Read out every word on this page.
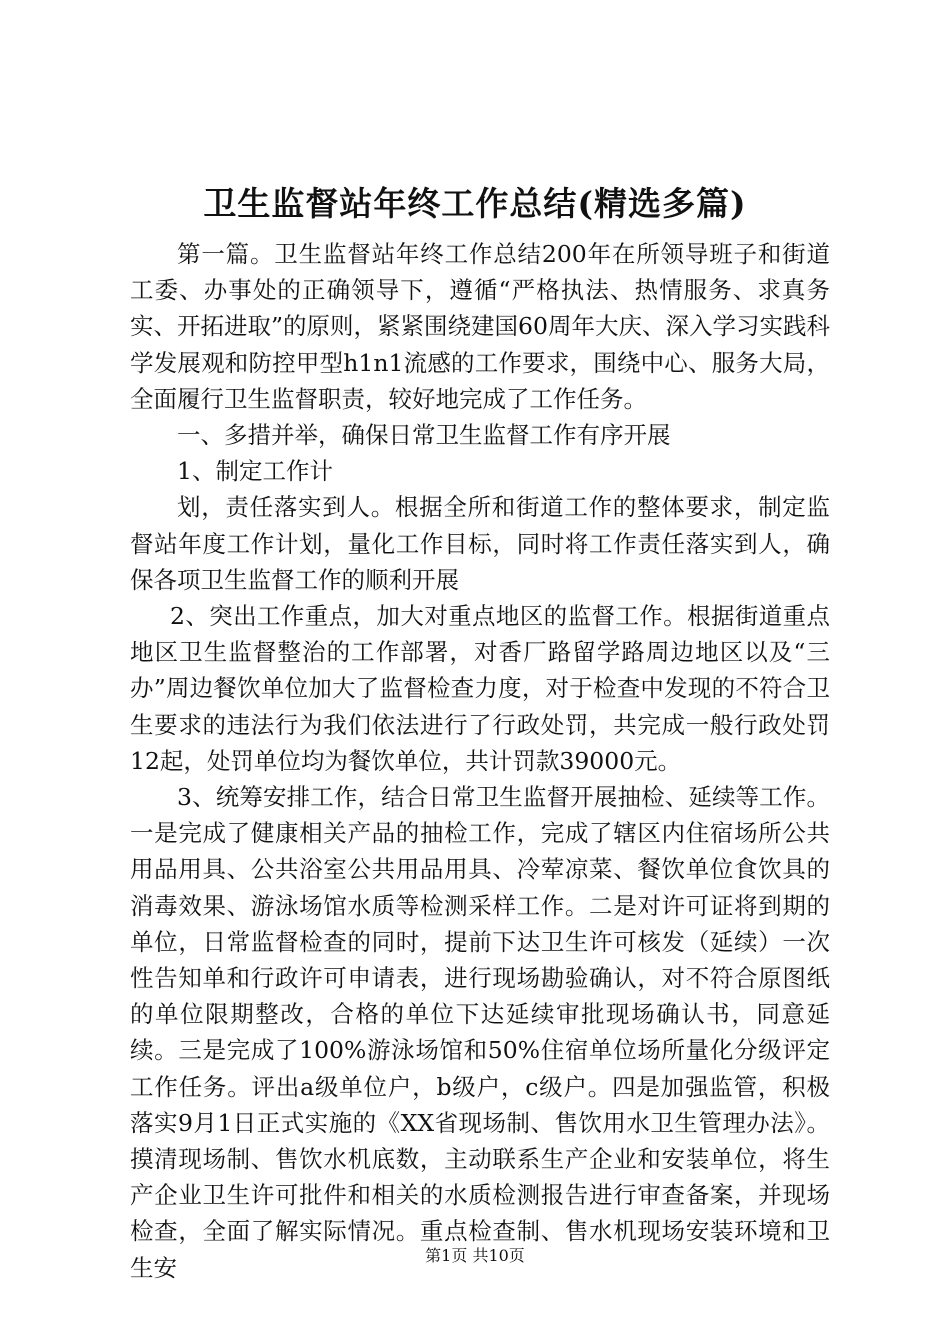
卫生监督站年终工作总结(精选多篇)

第一篇。卫生监督站年终工作总结200年在所领导班子和街道工委、办事处的正确领导下，遵循“严格执法、热情服务、求真务实、开拓进取”的原则，紧紧围绕建国60周年大庆、深入学习实践科学发展观和防控甲型h1n1流感的工作要求，围绕中心、服务大局，全面履行卫生监督职责，较好地完成了工作任务。

一、多措并举，确保日常卫生监督工作有序开展

1、制定工作计

划，责任落实到人。根据全所和街道工作的整体要求，制定监督站年度工作计划，量化工作目标，同时将工作责任落实到人，确保各项卫生监督工作的顺利开展

2、突出工作重点，加大对重点地区的监督工作。根据街道重点地区卫生监督整治的工作部署，对香厂路留学路周边地区以及“三办”周边餐饮单位加大了监督检查力度，对于检查中发现的不符合卫生要求的违法行为我们依法进行了行政处罚，共完成一般行政处罚12起，处罚单位均为餐饮单位，共计罚款39000元。

3、统筹安排工作，结合日常卫生监督开展抽检、延续等工作。一是完成了健康相关产品的抽检工作，完成了辖区内住宿场所公共用品用具、公共浴室公共用品用具、冷荤凉菜、餐饮单位食饮具的消毒效果、游泳场馆水质等检测采样工作。二是对许可证将到期的单位，日常监督检查的同时，提前下达卫生许可核发（延续）一次性告知单和行政许可申请表，进行现场勘验确认，对不符合原图纸的单位限期整改，合格的单位下达延续审批现场确认书，同意延续。三是完成了100%游泳场馆和50%住宿单位场所量化分级评定工作任务。评出a级单位户，b级户，c级户。四是加强监管，积极落实9月1日正式实施的《XX省现场制、售饮用水卫生管理办法》。摸清现场制、售饮水机底数，主动联系生产企业和安装单位，将生产企业卫生许可批件和相关的水质检测报告进行审查备案，并现场检查，全面了解实际情况。重点检查制、售水机现场安装环境和卫生安	第1页 共10页
